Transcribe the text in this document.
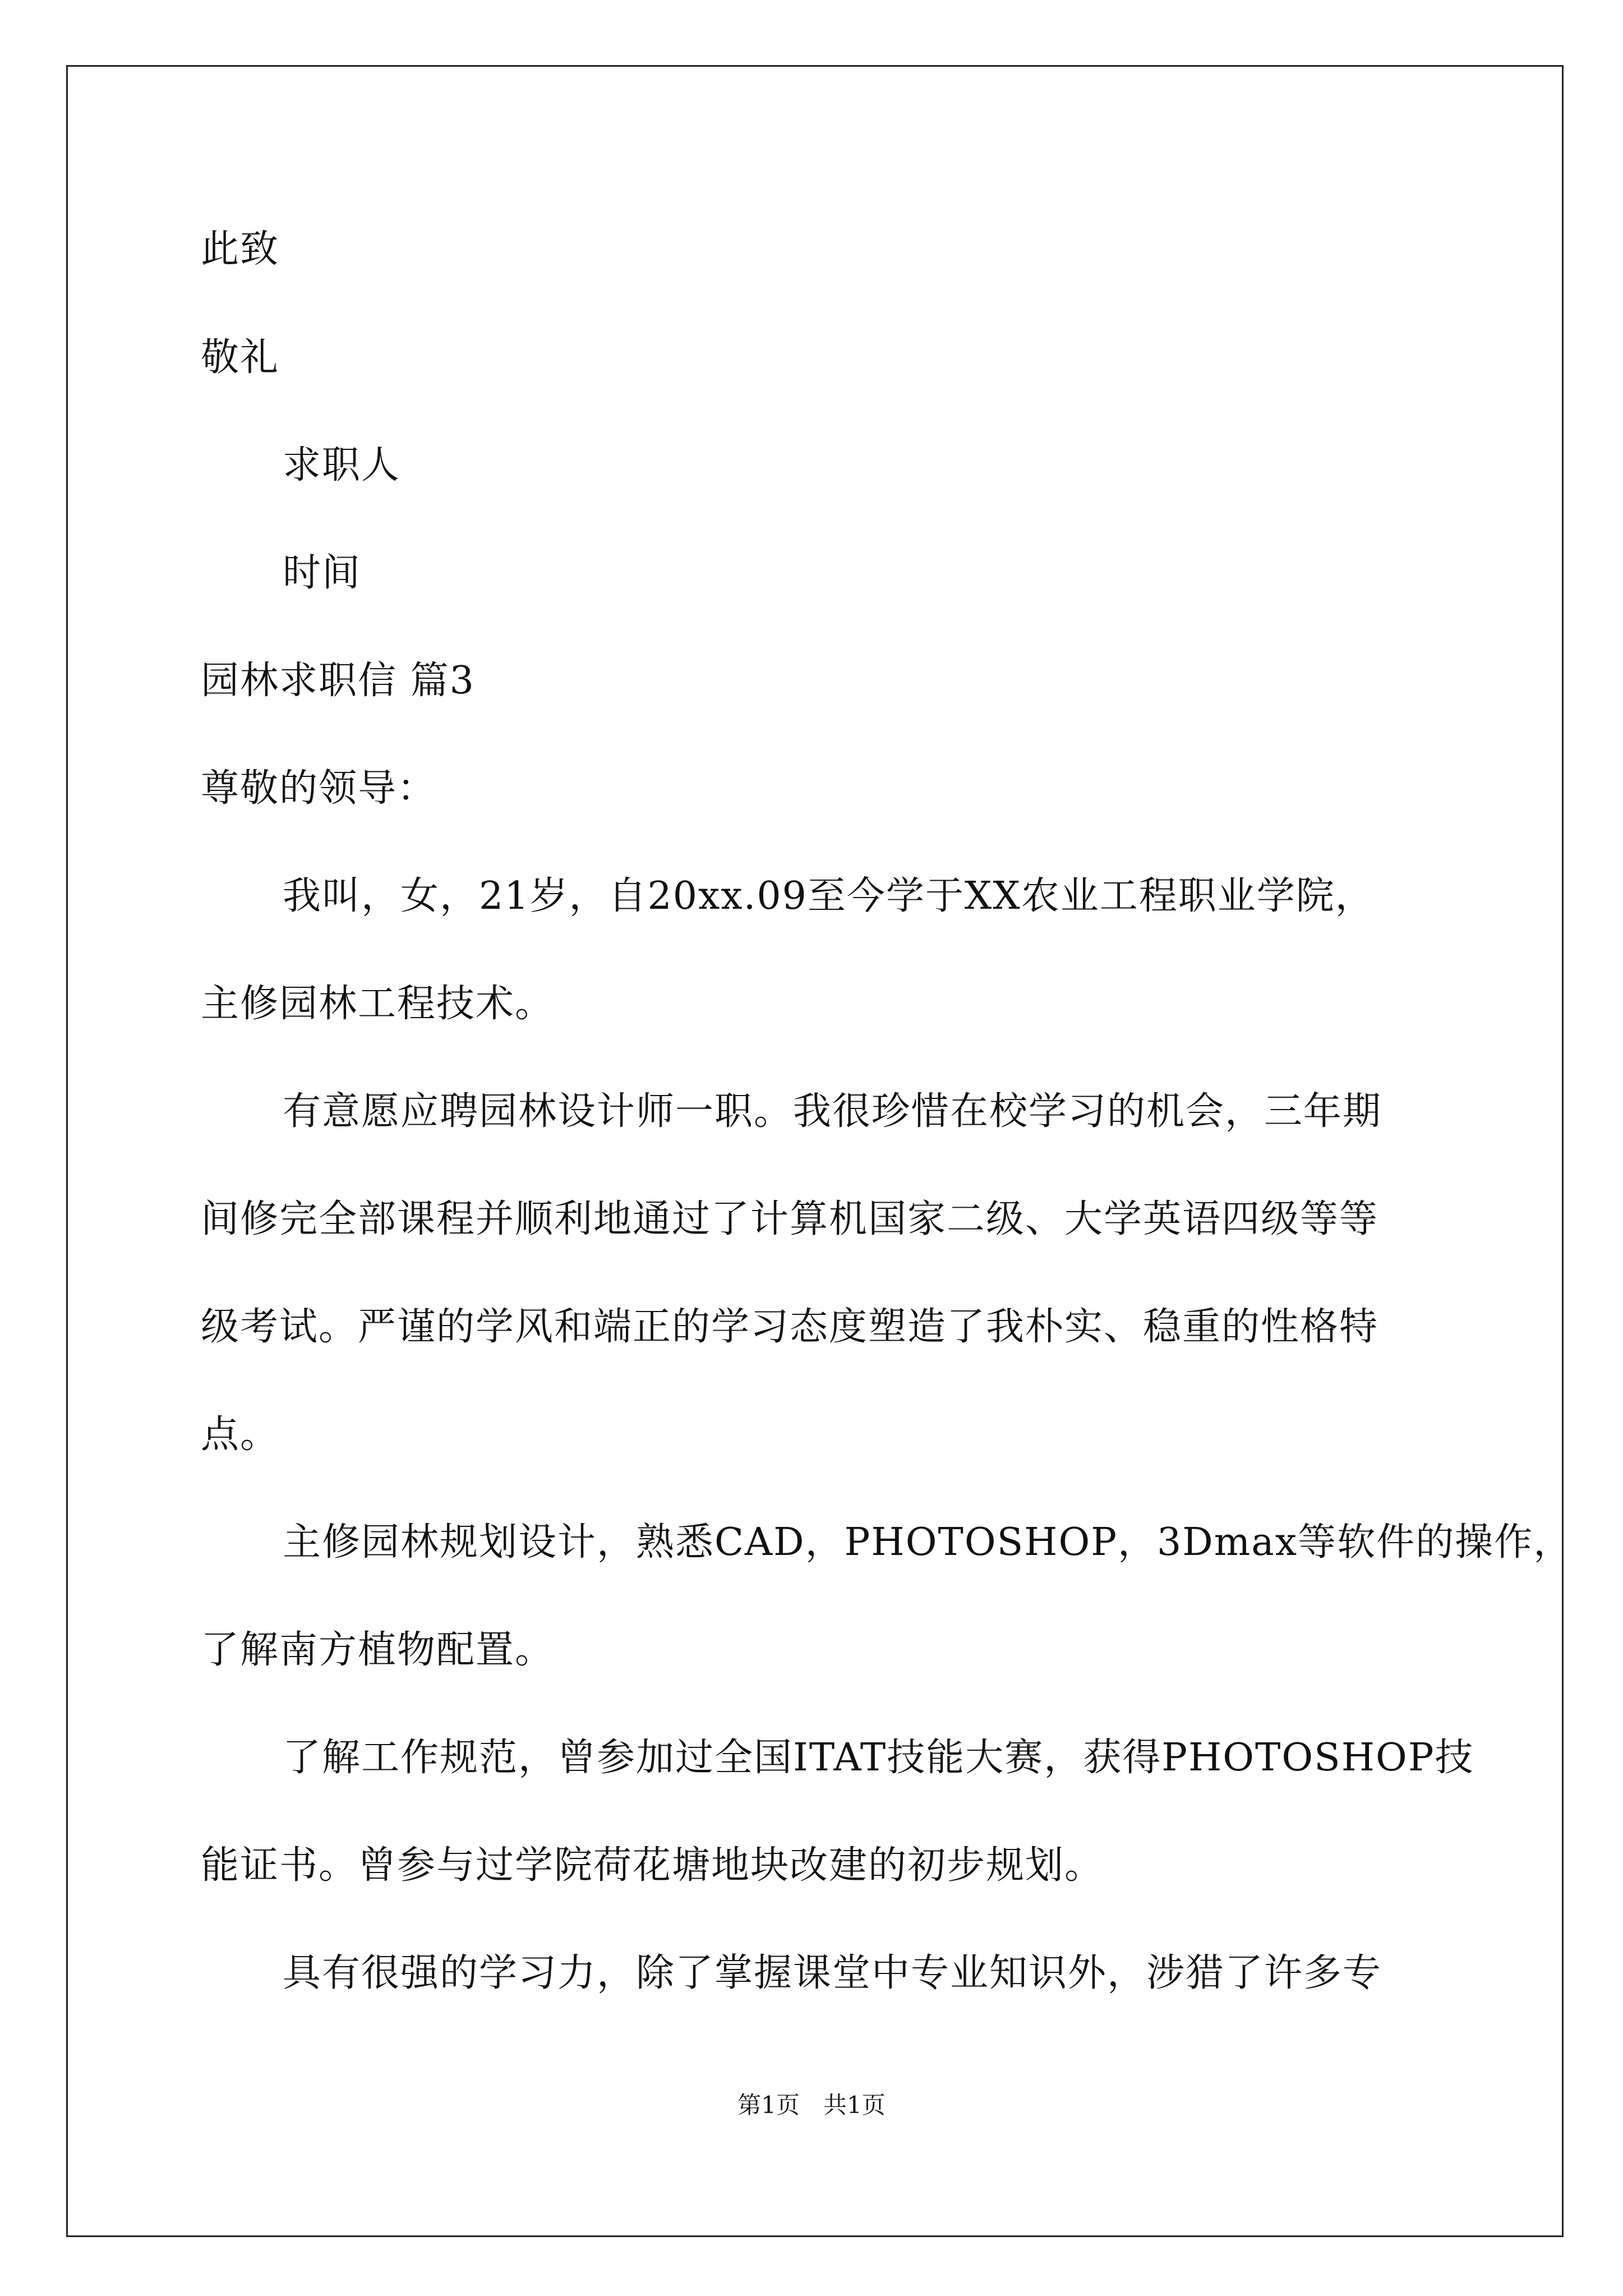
此致
敬礼
求职人
时间
园林求职信 篇3
尊敬的领导：
我叫，女，21岁，自20xx.09至今学于XX农业工程职业学院，
主修园林工程技术。
有意愿应聘园林设计师一职。我很珍惜在校学习的机会，三年期
间修完全部课程并顺利地通过了计算机国家二级、大学英语四级等等
级考试。严谨的学风和端正的学习态度塑造了我朴实、稳重的性格特
点。
主修园林规划设计，熟悉CAD，PHOTOSHOP，3Dmax等软件的操作，
了解南方植物配置。
了解工作规范，曾参加过全国ITAT技能大赛，获得PHOTOSHOP技
能证书。曾参与过学院荷花塘地块改建的初步规划。
具有很强的学习力，除了掌握课堂中专业知识外，涉猎了许多专
第1页　共1页
